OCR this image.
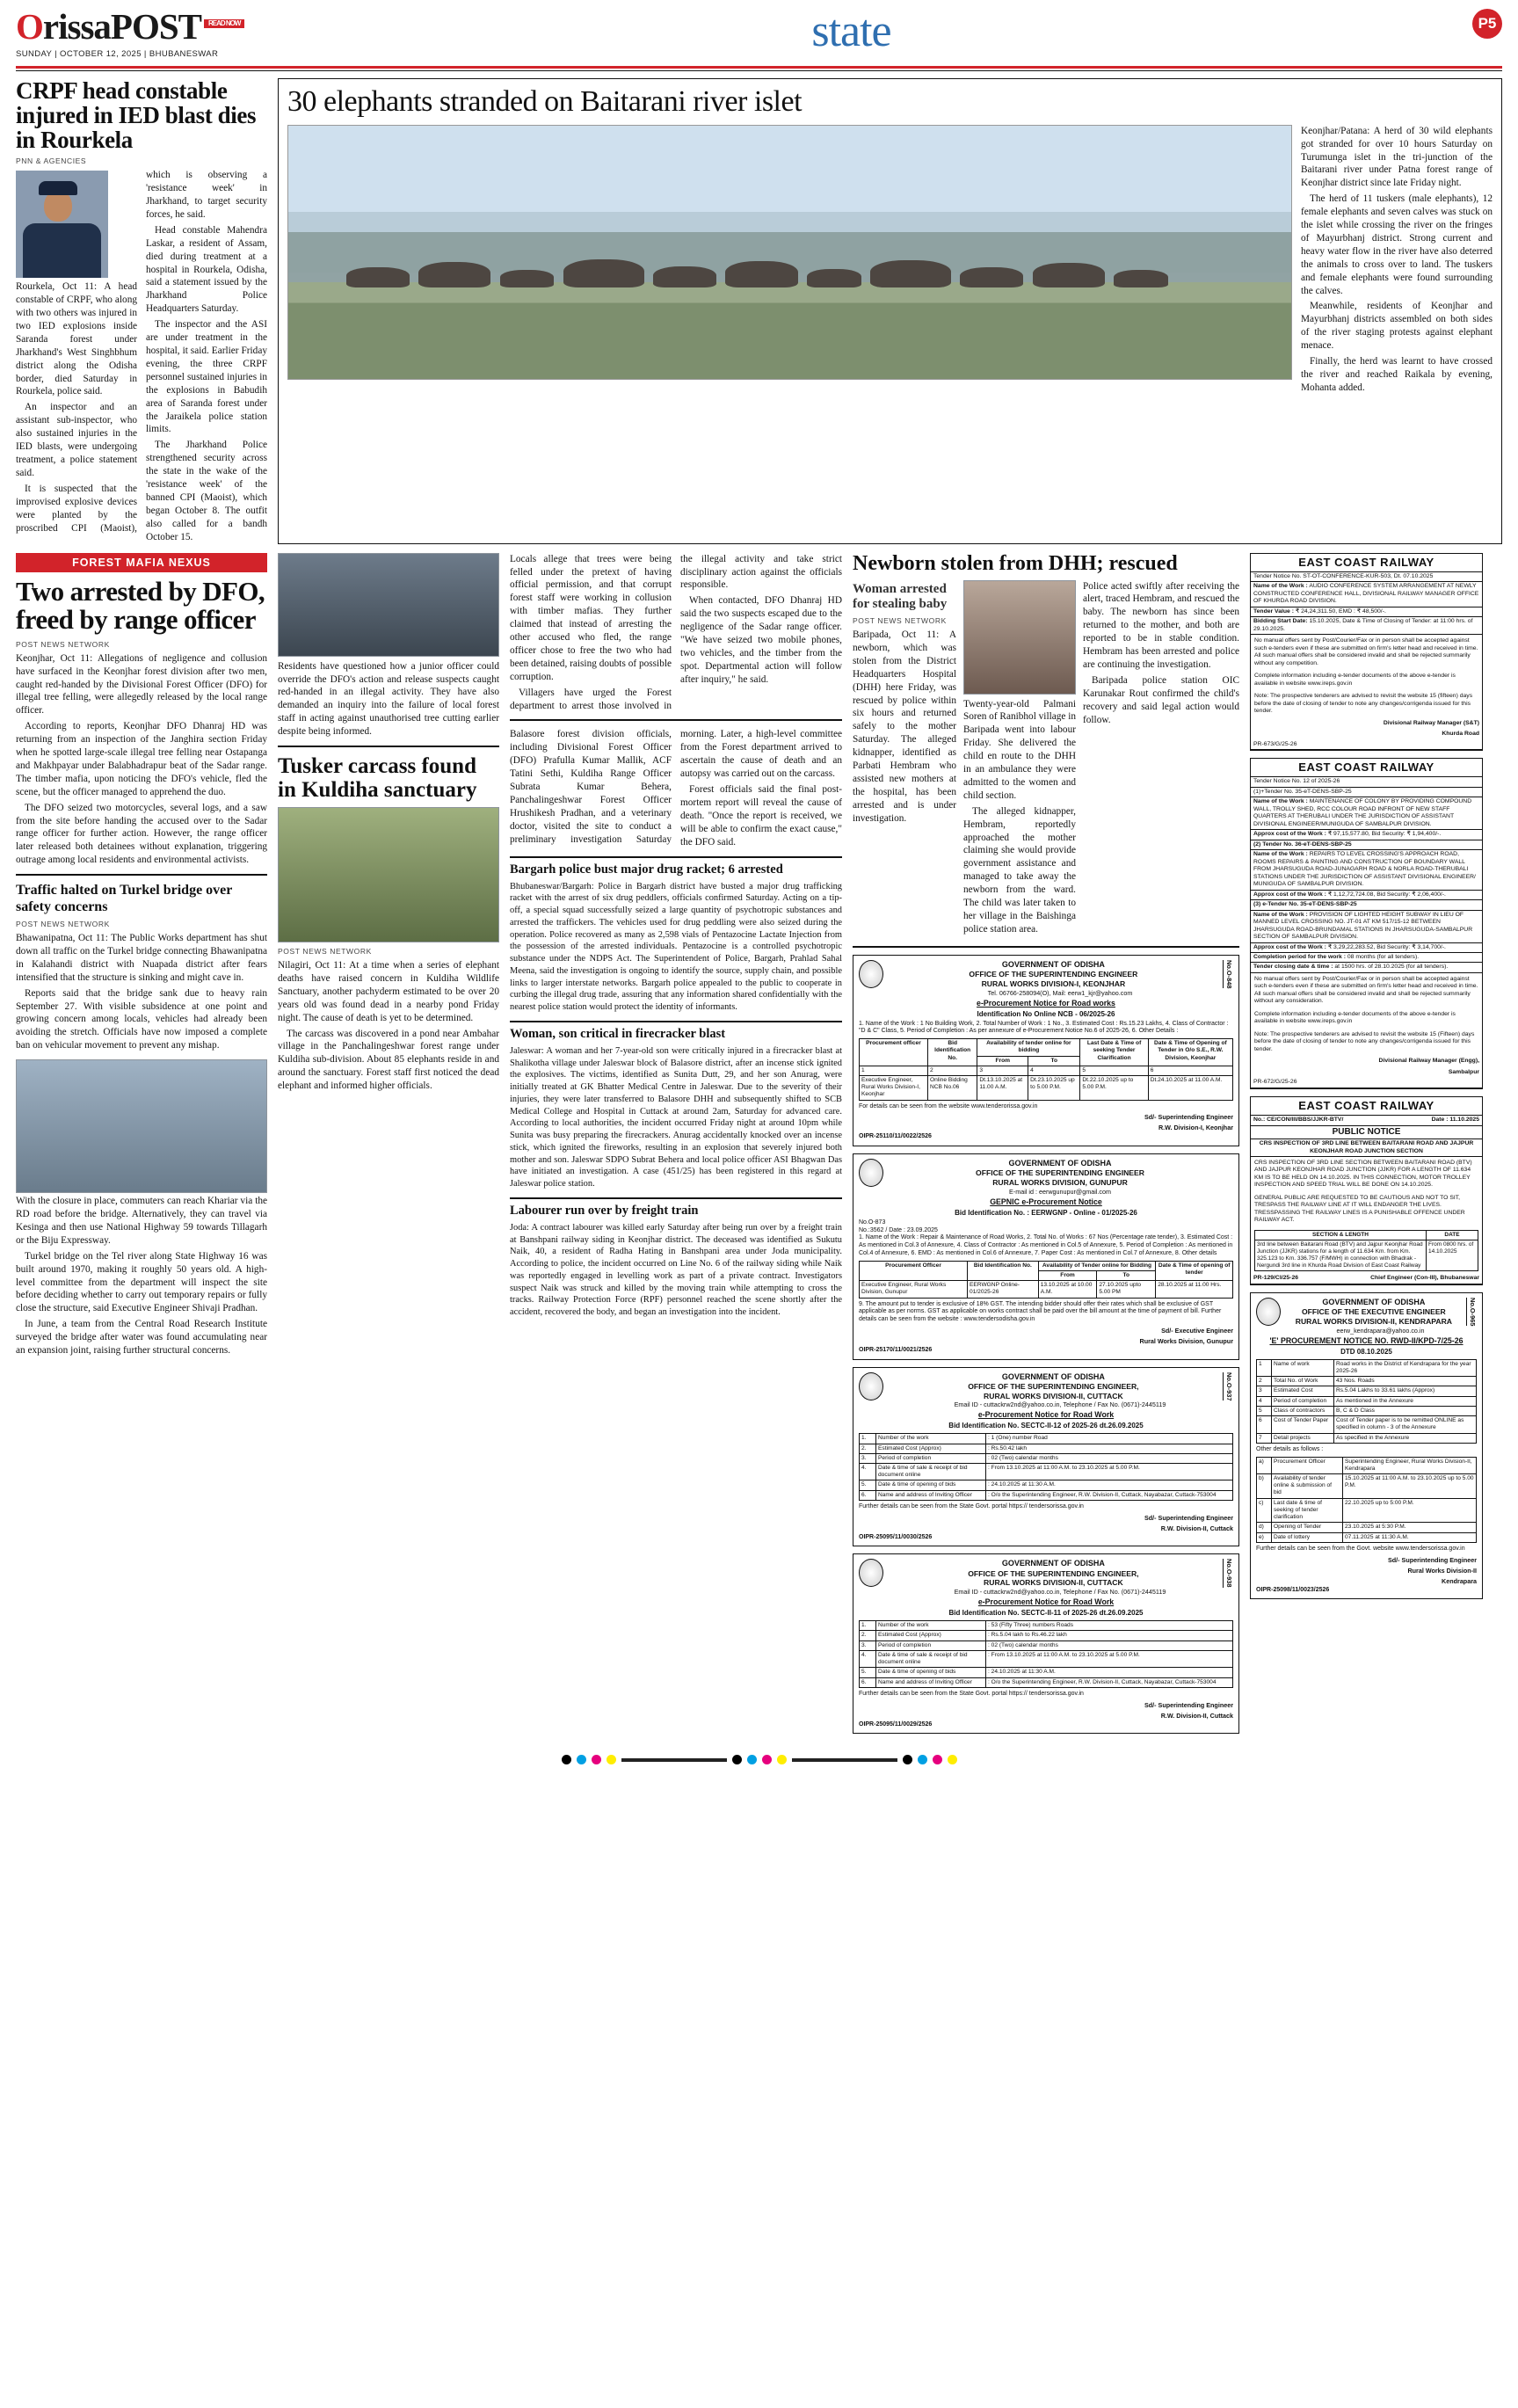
OrissaPOST READ NOW
SUNDAY | OCTOBER 12, 2025 | BHUBANESWAR	state	P5
CRPF head constable injured in IED blast dies in Rourkela
PNN & AGENCIES

Rourkela, Oct 11: A head constable of CRPF, who along with two others was injured in two IED explosions inside Saranda forest under Jharkhand's West Singhbhum district along the Odisha border, died Saturday in Rourkela, police said.

An inspector and an assistant sub-inspector, who also sustained injuries in the IED blasts, were undergoing treatment, a police statement said.

It is suspected that the improvised explosive devices were planted by the proscribed CPI (Maoist), which is observing a 'resistance week' in Jharkhand, to target security forces, he said.

Head constable Mahendra Laskar, a resident of Assam, died during treatment at a hospital in Rourkela, Odisha, said a statement issued by the Jharkhand Police Headquarters Saturday.

The inspector and the ASI are under treatment in the hospital, it said. Earlier Friday evening, the three CRPF personnel sustained injuries in the explosions in Babudih area of Saranda forest under the Jaraikela police station limits.

The Jharkhand Police strengthened security across the state in the wake of the 'resistance week' of the banned CPI (Maoist), which began October 8. The outfit also called for a bandh October 15.

30 elephants stranded on Baitarani river islet

Keonjhar/Patana: A herd of 30 wild elephants got stranded for over 10 hours Saturday on Turumunga islet in the tri-junction of the Baitarani river under Patna forest range of Keonjhar district since late Friday night.

The herd of 11 tuskers (male elephants), 12 female elephants and seven calves was stuck on the islet while crossing the river on the fringes of Mayurbhanj district. Strong current and heavy water flow in the river have also deterred the animals to cross over to land. The tuskers and female elephants were found surrounding the calves.

Meanwhile, residents of Keonjhar and Mayurbhanj districts assembled on both sides of the river staging protests against elephant menace.

Finally, the herd was learnt to have crossed the river and reached Raikala by evening, Mohanta added.

FOREST MAFIA NEXUS
Two arrested by DFO, freed by range officer
POST NEWS NETWORK

Keonjhar, Oct 11: Allegations of negligence and collusion have surfaced in the Keonjhar forest division after two men, caught red-handed by the Divisional Forest Officer (DFO) for illegal tree felling, were allegedly released by the local range officer.

According to reports, Keonjhar DFO Dhanraj HD was returning from an inspection of the Janghira section Friday when he spotted large-scale illegal tree felling near Ostapanga and Makhpayar under Balabhadrapur beat of the Sadar range. The timber mafia, upon noticing the DFO's vehicle, fled the scene, but the officer managed to apprehend the duo.

The DFO seized two motorcycles, several logs, and a saw from the site before handing the accused over to the Sadar range officer for further action. However, the range officer later released both detainees without explanation, triggering outrage among local residents and environmental activists.

Traffic halted on Turkel bridge over safety concerns
POST NEWS NETWORK

Bhawanipatna, Oct 11: The Public Works department has shut down all traffic on the Turkel bridge connecting Bhawanipatna in Kalahandi district with Nuapada district after fears intensified that the structure is sinking and might cave in.

Reports said that the bridge sank due to heavy rain September 27. With visible subsidence at one point and growing concern among locals, vehicles had already been avoiding the stretch. Officials have now imposed a complete ban on vehicular movement to prevent any mishap.

With the closure in place, commuters can reach Khariar via the RD road before the bridge. Alternatively, they can travel via Kesinga and then use National Highway 59 towards Tillagarh or the Biju Expressway.

Turkel bridge on the Tel river along State Highway 16 was built around 1970, making it roughly 50 years old. A high-level committee from the department will inspect the site before deciding whether to carry out temporary repairs or fully close the structure, said Executive Engineer Shivaji Pradhan.

In June, a team from the Central Road Research Institute surveyed the bridge after water was found accumulating near an expansion joint, raising further structural concerns.

Residents have questioned how a junior officer could override the DFO's action and release suspects caught red-handed in an illegal activity. They have also demanded an inquiry into the failure of local forest staff in acting against unauthorised tree cutting earlier despite being informed.

Tusker carcass found in Kuldiha sanctuary
POST NEWS NETWORK

Nilagiri, Oct 11: At a time when a series of elephant deaths have raised concern in Kuldiha Wildlife Sanctuary, another pachyderm estimated to be over 20 years old was found dead in a nearby pond Friday night. The cause of death is yet to be determined.

The carcass was discovered in a pond near Ambahar village in the Panchalingeshwar forest range under Kuldiha sub-division. About 85 elephants reside in and around the sanctuary. Forest staff first noticed the dead elephant and informed higher officials.

Locals allege that trees were being felled under the pretext of having official permission, and that corrupt forest staff were working in collusion with timber mafias. They further claimed that instead of arresting the other accused who fled, the range officer chose to free the two who had been detained, raising doubts of possible corruption.

Villagers have urged the Forest department to arrest those involved in the illegal activity and take strict disciplinary action against the officials responsible.

When contacted, DFO Dhanraj HD said the two suspects escaped due to the negligence of the Sadar range officer. "We have seized two mobile phones, two vehicles, and the timber from the spot. Departmental action will follow after inquiry," he said.

Balasore forest division officials, including Divisional Forest Officer (DFO) Prafulla Kumar Mallik, ACF Tatini Sethi, Kuldiha Range Officer Subrata Kumar Behera, Panchalingeshwar Forest Officer Hrushikesh Pradhan, and a veterinary doctor, visited the site to conduct a preliminary investigation Saturday morning. Later, a high-level committee from the Forest department arrived to ascertain the cause of death and an autopsy was carried out on the carcass.

Forest officials said the final post-mortem report will reveal the cause of death. "Once the report is received, we will be able to confirm the exact cause," the DFO said.

Bargarh police bust major drug racket; 6 arrested

Bhubaneswar/Bargarh: Police in Bargarh district have busted a major drug trafficking racket with the arrest of six drug peddlers, officials confirmed Saturday. Acting on a tip-off, a special squad successfully seized a large quantity of psychotropic substances and arrested the traffickers. The vehicles used for drug peddling were also seized during the operation. Police recovered as many as 2,598 vials of Pentazocine Lactate Injection from the possession of the arrested individuals. Pentazocine is a controlled psychotropic substance under the NDPS Act. The Superintendent of Police, Bargarh, Prahlad Sahal Meena, said the investigation is ongoing to identify the source, supply chain, and possible links to larger interstate networks. Bargarh police appealed to the public to cooperate in curbing the illegal drug trade, assuring that any information shared confidentially with the nearest police station would protect the identity of informants.

Woman, son critical in firecracker blast

Jaleswar: A woman and her 7-year-old son were critically injured in a firecracker blast at Shalikotha village under Jaleswar block of Balasore district, after an incense stick ignited the explosives. The victims, identified as Sunita Dutt, 29, and her son Anurag, were initially treated at GK Bhatter Medical Centre in Jaleswar. Due to the severity of their injuries, they were later transferred to Balasore DHH and subsequently shifted to SCB Medical College and Hospital in Cuttack at around 2am, Saturday for advanced care. According to local authorities, the incident occurred Friday night at around 10pm while Sunita was busy preparing the firecrackers. Anurag accidentally knocked over an incense stick, which ignited the fireworks, resulting in an explosion that severely injured both mother and son. Jaleswar SDPO Subrat Behera and local police officer ASI Bhagwan Das have initiated an investigation. A case (451/25) has been registered in this regard at Jaleswar police station.

Labourer run over by freight train

Joda: A contract labourer was killed early Saturday after being run over by a freight train at Banshpani railway siding in Keonjhar district. The deceased was identified as Sukutu Naik, 40, a resident of Radha Hating in Banshpani area under Joda municipality. According to police, the incident occurred on Line No. 6 of the railway siding while Naik was reportedly engaged in levelling work as part of a private contract. Investigators suspect Naik was struck and killed by the moving train while attempting to cross the tracks. Railway Protection Force (RPF) personnel reached the scene shortly after the accident, recovered the body, and began an investigation into the incident.

Newborn stolen from DHH; rescued
Woman arrested for stealing baby
POST NEWS NETWORK

Baripada, Oct 11: A newborn, which was stolen from the District Headquarters Hospital (DHH) here Friday, was rescued by police within six hours and returned safely to the mother Saturday. The alleged kidnapper, identified as Parbati Hembram who assisted new mothers at the hospital, has been arrested and is under investigation.

Twenty-year-old Palmani Soren of Ranibhol village in Baripada went into labour Friday. She delivered the child en route to the DHH in an ambulance they were admitted to the women and child section.

The alleged kidnapper, Hembram, reportedly approached the mother claiming she would provide government assistance and managed to take away the newborn from the ward. The child was later taken to her village in the Baishinga police station area.

Police acted swiftly after receiving the alert, traced Hembram, and rescued the baby. The newborn has since been returned to the mother, and both are reported to be in stable condition. Hembram has been arrested and police are continuing the investigation.

Baripada police station OIC Karunakar Rout confirmed the child's recovery and said legal action would follow.

No.O-848
GOVERNMENT OF ODISHA
OFFICE OF THE SUPERINTENDING ENGINEER
RURAL WORKS DIVISION-I, KEONJHAR
Tel. 06766-258094(O), Mail: eerw1_kjr@yahoo.com
e-Procurement Notice for Road works
Identification No Online NCB - 06/2025-26
1. Name of the Work : 1 No Building Work, 2. Total Number of Work : 1 No., 3. Estimated Cost : Rs.15.23 Lakhs, 4. Class of Contractor : "D & C" Class, 5. Period of Completion : As per annexure of e-Procurement Notice No.6 of 2025-26, 6. Other Details :
Procurement officer	Bid Identification No.	Availability of tender online for bidding		Last Date & Time of seeking Tender Clarification	Date & Time of Opening of Tender in O/o S.E., R.W. Division, Keonjhar
		From	To		
1	2	3	4	5	6
Executive Engineer, Rural Works Division-I, Keonjhar	Online Bidding NCB No.06	Dt.13.10.2025 at 11.00 A.M.	Dt.23.10.2025 up to 5.00 P.M.	Dt.22.10.2025 up to 5.00 P.M.	Dt.24.10.2025 at 11.00 A.M.
For details can be seen from the website www.tenderorissa.gov.in
Sd/- Superintending Engineer
R.W. Division-I, Keonjhar
OIPR-25110/11/0022/2526
GOVERNMENT OF ODISHA
OFFICE OF THE SUPERINTENDING ENGINEER
RURAL WORKS DIVISION, GUNUPUR
E-mail id : eerwgunupur@gmail.com
GEPNIC e-Procurement Notice
Bid Identification No. : EERWGNP - Online - 01/2025-26
No.O-873
No.:3562 / Date : 23.09.2025
1. Name of the Work : Repair & Maintenance of Road Works, 2. Total No. of Works : 67 Nos (Percentage rate tender), 3. Estimated Cost : As mentioned in Col.3 of Annexure, 4. Class of Contractor : As mentioned in Col.5 of Annexure, 5. Period of Completion : As mentioned in Col.4 of Annexure, 6. EMD : As mentioned in Col.6 of Annexure, 7. Paper Cost : As mentioned in Col.7 of Annexure, 8. Other details
Procurement Officer	Bid Identification No.	Availability of Tender online for Bidding		Date & Time of opening of tender
		From	To	
Executive Engineer, Rural Works Division, Gunupur	EERWGNP Online-01/2025-26	13.10.2025 at 10.00 A.M.	27.10.2025 upto 5.00 PM	28.10.2025 at 11.00 Hrs.
9. The amount put to tender is exclusive of 18% GST. The intending bidder should offer their rates which shall be exclusive of GST applicable as per norms. GST as applicable on works contract shall be paid over the bill amount at the time of payment of bill. Further details can be seen from the website : www.tendersodisha.gov.in
Sd/- Executive Engineer
Rural Works Division, Gunupur
OIPR-25170/11/0021/2526
No.O-937
GOVERNMENT OF ODISHA
OFFICE OF THE SUPERINTENDING ENGINEER,
RURAL WORKS DIVISION-II, CUTTACK
Email ID - cuttackrw2nd@yahoo.co.in, Telephone / Fax No. (0671)-2445119
e-Procurement Notice for Road Work
Bid Identification No. SECTC-II-12 of 2025-26 dt.26.09.2025
1.	Number of the work	: 1 (One) number Road
2.	Estimated Cost (Approx)	: Rs.50.42 lakh
3.	Period of completion	: 02 (Two) calendar months
4.	Date & time of sale & receipt of bid document online	: From 13.10.2025 at 11:00 A.M. to 23.10.2025 at 5.00 P.M.
5.	Date & time of opening of bids	: 24.10.2025 at 11:30 A.M.
6.	Name and address of Inviting Officer	: O/o the Superintending Engineer, R.W. Division-II, Cuttack, Nayabazar, Cuttack-753004
Further details can be seen from the State Govt. portal https:// tendersorissa.gov.in
Sd/- Superintending Engineer
R.W. Division-II, Cuttack
OIPR-25095/11/0030/2526
No.O-938
GOVERNMENT OF ODISHA
OFFICE OF THE SUPERINTENDING ENGINEER,
RURAL WORKS DIVISION-II, CUTTACK
Email ID - cuttackrw2nd@yahoo.co.in, Telephone / Fax No. (0671)-2445119
e-Procurement Notice for Road Work
Bid Identification No. SECTC-II-11 of 2025-26 dt.26.09.2025
1.	Number of the work	: 53 (Fifty Three) numbers Roads
2.	Estimated Cost (Approx)	: Rs.5.04 lakh to Rs.46.22 lakh
3.	Period of completion	: 02 (Two) calendar months
4.	Date & time of sale & receipt of bid document online	: From 13.10.2025 at 11:00 A.M. to 23.10.2025 at 5.00 P.M.
5.	Date & time of opening of bids	: 24.10.2025 at 11:30 A.M.
6.	Name and address of Inviting Officer	: O/o the Superintending Engineer, R.W. Division-II, Cuttack, Nayabazar, Cuttack-753004
Further details can be seen from the State Govt. portal https:// tendersorissa.gov.in
Sd/- Superintending Engineer
R.W. Division-II, Cuttack
OIPR-25095/11/0029/2526
EAST COAST RAILWAY
Tender Notice No. ST-OT-CONFERENCE-KUR-503, Dt. 07.10.2025
Name of the Work : AUDIO CONFERENCE SYSTEM ARRANGEMENT AT NEWLY CONSTRUCTED CONFERENCE HALL, DIVISIONAL RAILWAY MANAGER OFFICE OF KHURDA ROAD DIVISION.
Tender Value : ₹ 24,24,311.50, EMD : ₹ 48,500/-.
Bidding Start Date: 15.10.2025, Date & Time of Closing of Tender: at 11:00 hrs. of 29.10.2025.
No manual offers sent by Post/Courier/Fax or in person shall be accepted against such e-tenders even if these are submitted on firm's letter head and received in time. All such manual offers shall be considered invalid and shall be rejected summarily without any competition.
Complete information including e-tender documents of the above e-tender is available in website www.ireps.gov.in
Note: The prospective tenderers are advised to revisit the website 15 (fifteen) days before the date of closing of tender to note any changes/corrigenda issued for this tender.
Divisional Railway Manager (S&T)
Khurda Road
PR-673/G/25-26
EAST COAST RAILWAY
Tender Notice No. 12 of 2025-26
(1)+Tender No. 35-eT-DENS-SBP-25
Name of the Work : MAINTENANCE OF COLONY BY PROVIDING COMPOUND WALL, TROLLY SHED, RCC COLOUR ROAD INFRONT OF NEW STAFF QUARTERS AT THERUBALI UNDER THE JURISDICTION OF ASSISTANT DIVISIONAL ENGINEER/MUNIGUDA OF SAMBALPUR DIVISION.
Approx cost of the Work : ₹ 97,15,577.80, Bid Security: ₹ 1,94,400/-.
(2) Tender No. 36-eT-DENS-SBP-25
Name of the Work : REPAIRS TO LEVEL CROSSING'S APPROACH ROAD, ROOMS REPAIRS & PAINTING AND CONSTRUCTION OF BOUNDARY WALL FROM JHARSUGUDA ROAD-JUNAGARH ROAD & NORLA ROAD-THERUBALI STATIONS UNDER THE JURISDICTION OF ASSISTANT DIVISIONAL ENGINEER/ MUNIGUDA OF SAMBALPUR DIVISION.
Approx cost of the Work : ₹ 1,12,72,724.08, Bid Security: ₹ 2,06,400/-.
(3) e-Tender No. 35-eT-DENS-SBP-25
Name of the Work : PROVISION OF LIGHTED HEIGHT SUBWAY IN LIEU OF MANNED LEVEL CROSSING NO. JT-01 AT KM 517/15-12 BETWEEN JHARSUGUDA ROAD-BRUNDAMAL STATIONS IN JHARSUGUDA-SAMBALPUR SECTION OF SAMBALPUR DIVISION.
Approx cost of the Work : ₹ 3,29,22,283.52, Bid Security: ₹ 3,14,700/-.
Completion period for the work : 08 months (for all tenders).
Tender closing date & time : at 1500 hrs. of 28.10.2025 (for all tenders).
No manual offers sent by Post/Courier/Fax or in person shall be accepted against such e-tenders even if these are submitted on firm's letter head and received in time. All such manual offers shall be considered invalid and shall be rejected summarily without any consideration.
Complete information including e-tender documents of the above e-tender is available in website www.ireps.gov.in
Note: The prospective tenderers are advised to revisit the website 15 (Fifteen) days before the date of closing of tender to note any changes/corrigenda issued for this tender.
Divisional Railway Manager (Engg),
Sambalpur
PR-672/G/25-26
EAST COAST RAILWAY
No.: CE/CON/III/BBS/JJKR-BTV/	Date : 11.10.2025
PUBLIC NOTICE
CRS INSPECTION OF 3RD LINE BETWEEN BAITARANI ROAD AND JAJPUR KEONJHAR ROAD JUNCTION SECTION
CRS INSPECTION OF 3RD LINE SECTION BETWEEN BAITARANI ROAD (BTV) AND JAJPUR KEONJHAR ROAD JUNCTION (JJKR) FOR A LENGTH OF 11.634 KM IS TO BE HELD ON 14.10.2025. IN THIS CONNECTION, MOTOR TROLLEY INSPECTION AND SPEED TRIAL WILL BE DONE ON 14.10.2025.
GENERAL PUBLIC ARE REQUESTED TO BE CAUTIOUS AND NOT TO SIT, TRESPASS THE RAILWAY LINE AT IT WILL ENDANGER THE LIVES. TRESSPASSING THE RAILWAY LINES IS A PUNISHABLE OFFENCE UNDER RAILWAY ACT.
SECTION & LENGTH	DATE
3rd line between Baitarani Road (BTV) and Jajpur Keonjhar Road Junction (JJKR) stations for a length of 11.634 Km. from Km. 325.123 to Km. 336.757 (F/MWH) in connection with Bhadrak - Nergundi 3rd line in Khurda Road Division of East Coast Railway	From 0800 hrs. of 14.10.2025
PR-129/CI/25-26	Chief Engineer (Con-III), Bhubaneswar
No.O-965
GOVERNMENT OF ODISHA
OFFICE OF THE EXECUTIVE ENGINEER
RURAL WORKS DIVISION-II, KENDRAPARA
eerw_kendrapara@yahoo.co.in
'E' PROCUREMENT NOTICE NO. RWD-II/KPD-7/25-26
DTD 08.10.2025
1	Name of work	Road works in the District of Kendrapara for the year 2025-26
2	Total No. of Work	43 Nos. Roads
3	Estimated Cost	Rs.5.04 Lakhs to 33.61 lakhs (Approx)
4	Period of completion	As mentioned in the Annexure
5	Class of contractors	B, C & D Class
6	Cost of Tender Paper	Cost of Tender paper is to be remitted ONLINE as specified in column - 3 of the Annexure
7	Detail projects	As specified in the Annexure
Other details as follows :
a)	Procurement Officer	Superintending Engineer, Rural Works Division-II, Kendrapara
b)	Availability of tender online & submission of bid	15.10.2025 at 11:00 A.M. to 23.10.2025 up to 5.00 P.M.
c)	Last date & time of seeking of tender clarification	22.10.2025 up to 5:00 P.M.
d)	Opening of Tender	23.10.2025 at 5:30 P.M.
e)	Date of lottery	07.11.2025 at 11:30 A.M.
Further details can be seen from the Govt. website www.tendersorissa.gov.in
Sd/- Superintending Engineer
Rural Works Division-II
Kendrapara
OIPR-25098/11/0023/2526
